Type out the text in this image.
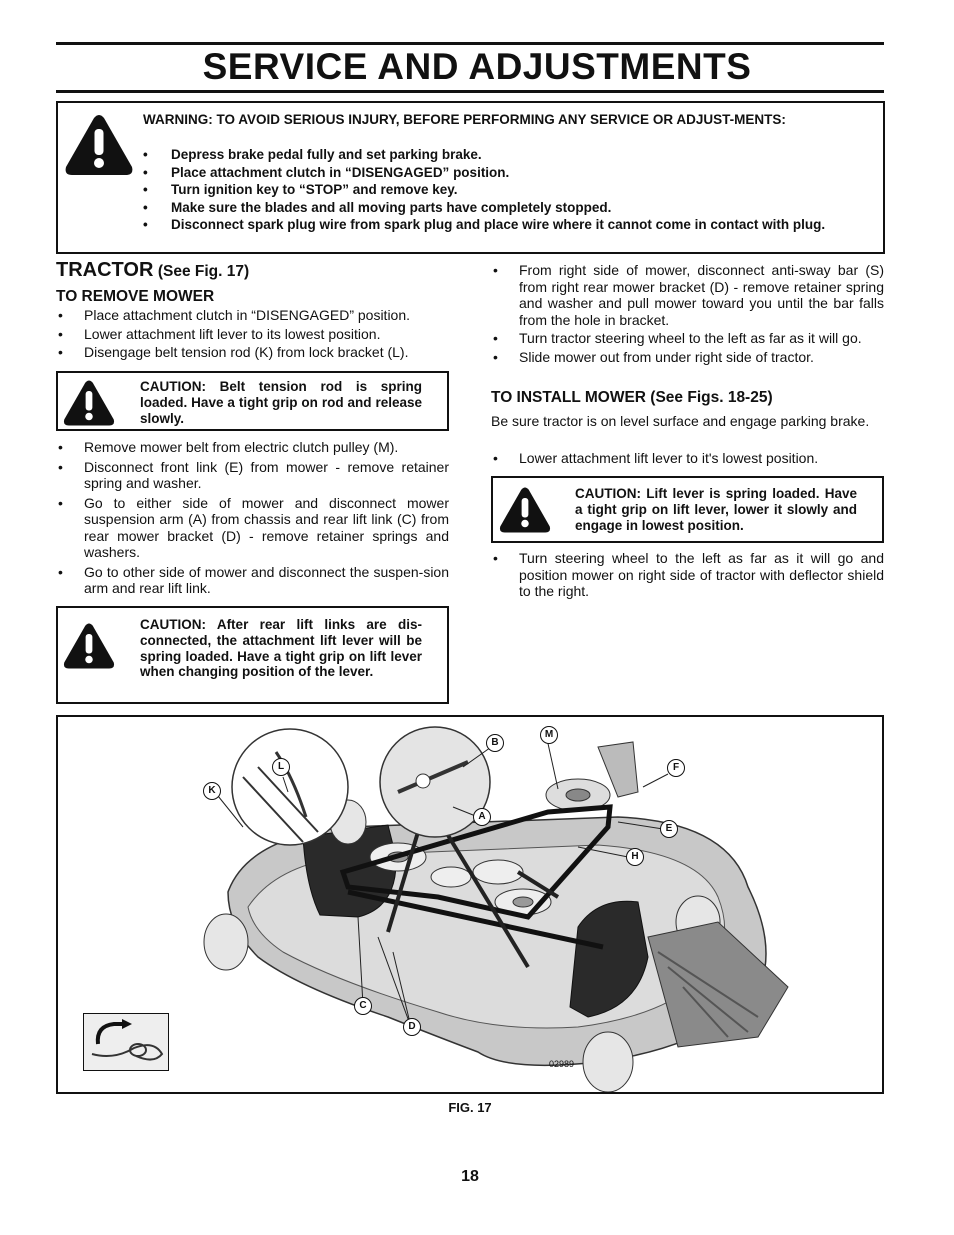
SERVICE AND ADJUSTMENTS
WARNING: TO AVOID SERIOUS INJURY, BEFORE PERFORMING ANY SERVICE OR ADJUST-MENTS:
• Depress brake pedal fully and set parking brake.
• Place attachment clutch in “DISENGAGED” position.
• Turn ignition key to “STOP” and remove key.
• Make sure the blades and all moving parts have completely stopped.
• Disconnect spark plug wire from spark plug and place wire where it cannot come in contact with plug.
TRACTOR (See Fig. 17)
TO REMOVE MOWER
• Place attachment clutch in “DISENGAGED” position.
• Lower attachment lift lever to its lowest position.
• Disengage belt tension rod (K) from lock bracket (L).
CAUTION: Belt tension rod is spring loaded. Have a tight grip on rod and release slowly.
• Remove mower belt from electric clutch pulley (M).
• Disconnect front link (E) from mower - remove retainer spring and washer.
• Go to either side of mower and disconnect mower suspension arm (A) from chassis and rear lift link (C) from rear mower bracket (D) - remove retainer springs and washers.
• Go to other side of mower and disconnect the suspen-sion arm and rear lift link.
CAUTION: After rear lift links are dis-connected, the attachment lift lever will be spring loaded. Have a tight grip on lift lever when changing position of the lever.
• From right side of mower, disconnect anti-sway bar (S) from right rear mower bracket (D) - remove retainer spring and washer and pull mower toward you until the bar falls from the hole in bracket.
• Turn tractor steering wheel to the left as far as it will go.
• Slide mower out from under right side of tractor.
TO INSTALL MOWER (See Figs. 18-25)
Be sure tractor is on level surface and engage parking brake.
• Lower attachment lift lever to it's lowest position.
CAUTION: Lift lever is spring loaded. Have a tight grip on lift lever, lower it slowly and engage in lowest position.
• Turn steering wheel to the left as far as it will go and position mower on right side of tractor with deflector shield to the right.
B
M
L	F
K
A
E
H
C
D
02989
FIG. 17
18
